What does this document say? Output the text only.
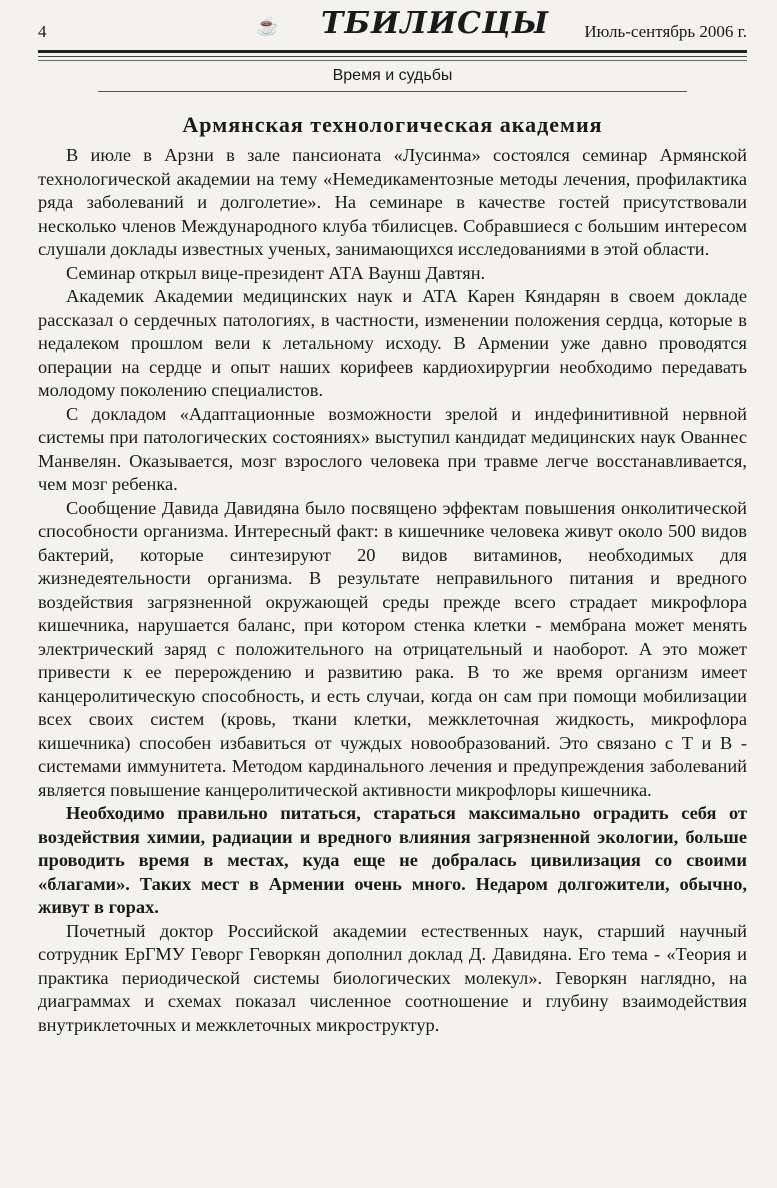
4	☕ ТБИЛИСЦЫ Июль-сентябрь 2006 г.
Время и судьбы
Армянская технологическая академия

В июле в Арзни в зале пансионата «Лусинма» состоялся семинар Армянской технологической академии на тему «Немедикаментозные методы лечения, профилактика ряда заболеваний и долголетие». На семинаре в качестве гостей присутствовали несколько членов Международного клуба тбилисцев. Собравшиеся с большим интересом слушали доклады известных ученых, занимающихся исследованиями в этой области.

Семинар открыл вице-президент АТА Ваунш Давтян.

Академик Академии медицинских наук и АТА Карен Кяндарян в своем докладе рассказал о сердечных патологиях, в частности, изменении положения сердца, которые в недалеком прошлом вели к летальному исходу. В Армении уже давно проводятся операции на сердце и опыт наших корифеев кардиохирургии необходимо передавать молодому поколению специалистов.

С докладом «Адаптационные возможности зрелой и индефинитивной нервной системы при патологических состояниях» выступил кандидат медицинских наук Ованнес Манвелян. Оказывается, мозг взрослого человека при травме легче восстанавливается, чем мозг ребенка.

Сообщение Давида Давидяна было посвящено эффектам повышения онколитической способности организма. Интересный факт: в кишечнике человека живут около 500 видов бактерий, которые синтезируют 20 видов витаминов, необходимых для жизнедеятельности организма. В результате неправильного питания и вредного воздействия загрязненной окружающей среды прежде всего страдает микрофлора кишечника, нарушается баланс, при котором стенка клетки - мембрана может менять электрический заряд с положительного на отрицательный и наоборот. А это может привести к ее перерождению и развитию рака. В то же время организм имеет канцеролитическую способность, и есть случаи, когда он сам при помощи мобилизации всех своих систем (кровь, ткани клетки, межклеточная жидкость, микрофлора кишечника) способен избавиться от чуждых новообразований. Это связано с Т и В - системами иммунитета. Методом кардинального лечения и предупреждения заболеваний является повышение канцеролитической активности микрофлоры кишечника.

Необходимо правильно питаться, стараться максимально оградить себя от воздействия химии, радиации и вредного влияния загрязненной экологии, больше проводить время в местах, куда еще не добралась цивилизация со своими «благами». Таких мест в Армении очень много. Недаром долгожители, обычно, живут в горах.

Почетный доктор Российской академии естественных наук, старший научный сотрудник ЕрГМУ Геворг Геворкян дополнил доклад Д. Давидяна. Его тема - «Теория и практика периодической системы биологических молекул». Геворкян наглядно, на диаграммах и схемах показал численное соотношение и глубину взаимодействия внутриклеточных и межклеточных микроструктур.
